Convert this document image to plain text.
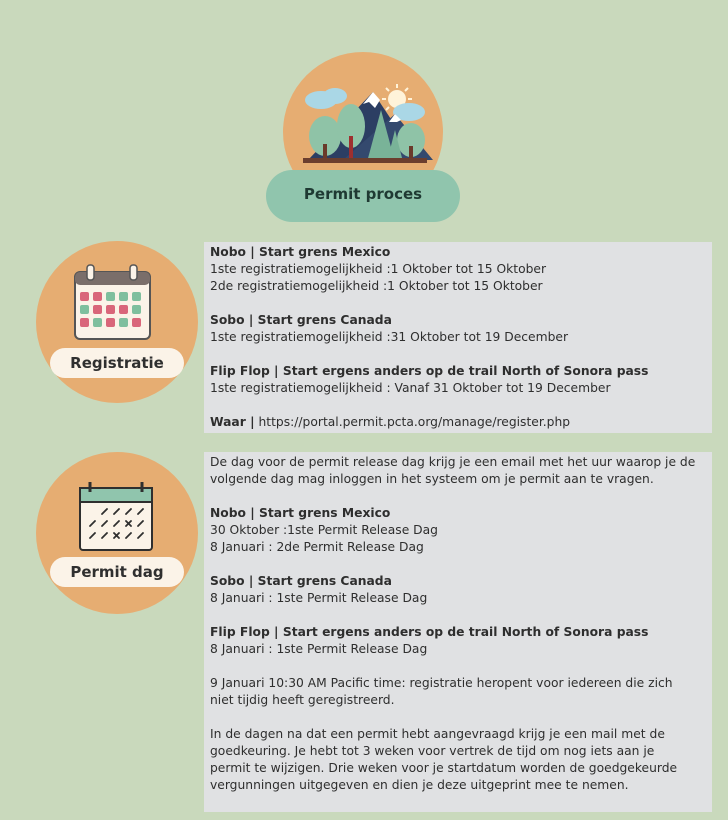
Permit proces
Registratie

Nobo | Start grens Mexico

1ste registratiemogelijkheid :1 Oktober tot 15 Oktober

2de registratiemogelijkheid :1 Oktober tot 15 Oktober

Sobo | Start grens Canada

1ste registratiemogelijkheid :31 Oktober tot 19 December

Flip Flop | Start ergens anders op de trail North of Sonora pass

1ste registratiemogelijkheid : Vanaf 31 Oktober tot 19 December

Waar | https://portal.permit.pcta.org/manage/register.php

Permit dag

De dag voor de permit release dag krijg je een email met het uur waarop je de

volgende dag mag inloggen in het systeem om je permit aan te vragen.

Nobo | Start grens Mexico

30 Oktober :1ste Permit Release Dag

8 Januari : 2de Permit Release Dag

Sobo | Start grens Canada

8 Januari : 1ste Permit Release Dag

Flip Flop | Start ergens anders op de trail North of Sonora pass

8 Januari : 1ste Permit Release Dag

9 Januari 10:30 AM Pacific time: registratie heropent voor iedereen die zich

niet tijdig heeft geregistreerd.

In de dagen na dat een permit hebt aangevraagd krijg je een mail met de

goedkeuring. Je hebt tot 3 weken voor vertrek de tijd om nog iets aan je

permit te wijzigen. Drie weken voor je startdatum worden de goedgekeurde

vergunningen uitgegeven en dien je deze uitgeprint mee te nemen.
